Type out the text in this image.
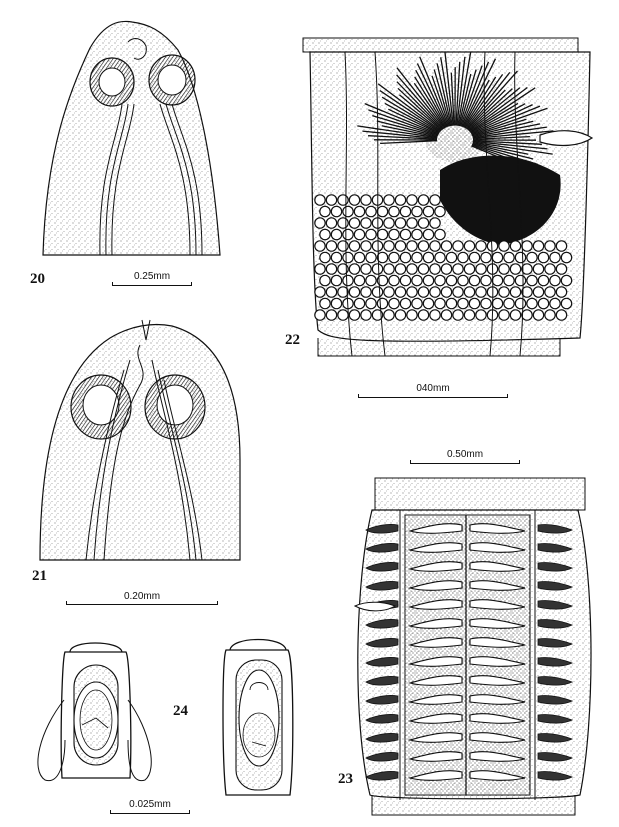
20
21
22
23
24
0.25mm
0.20mm
040mm
0.50mm
0.025mm
